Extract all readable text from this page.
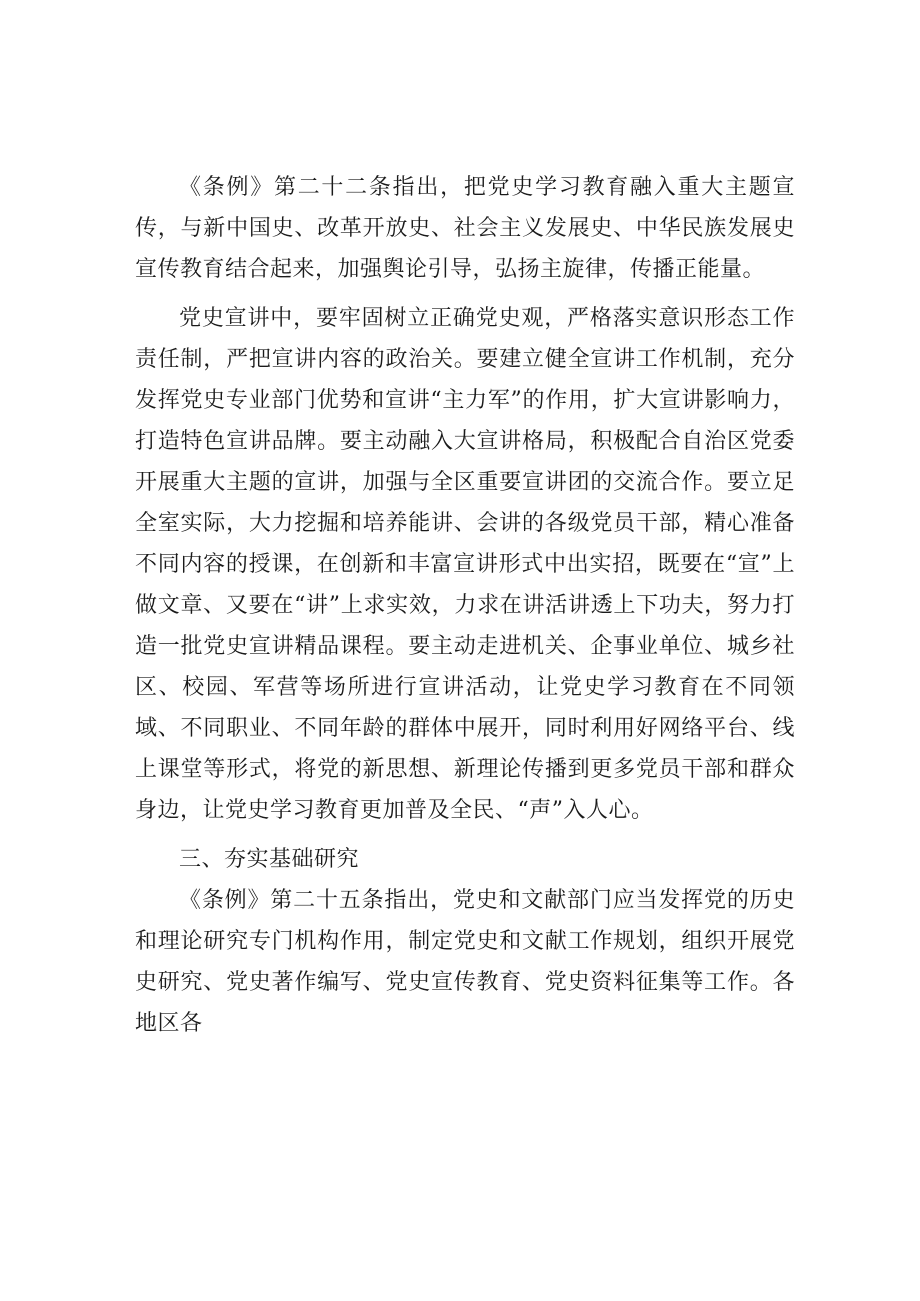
《条例》第二十二条指出，把党史学习教育融入重大主题宣传，与新中国史、改革开放史、社会主义发展史、中华民族发展史宣传教育结合起来，加强舆论引导，弘扬主旋律，传播正能量。

党史宣讲中，要牢固树立正确党史观，严格落实意识形态工作责任制，严把宣讲内容的政治关。要建立健全宣讲工作机制，充分发挥党史专业部门优势和宣讲“主力军”的作用，扩大宣讲影响力，打造特色宣讲品牌。要主动融入大宣讲格局，积极配合自治区党委开展重大主题的宣讲，加强与全区重要宣讲团的交流合作。要立足全室实际，大力挖掘和培养能讲、会讲的各级党员干部，精心准备不同内容的授课，在创新和丰富宣讲形式中出实招，既要在“宣”上做文章、又要在“讲”上求实效，力求在讲活讲透上下功夫，努力打造一批党史宣讲精品课程。要主动走进机关、企事业单位、城乡社区、校园、军营等场所进行宣讲活动，让党史学习教育在不同领域、不同职业、不同年龄的群体中展开，同时利用好网络平台、线上课堂等形式，将党的新思想、新理论传播到更多党员干部和群众身边，让党史学习教育更加普及全民、“声”入人心。

三、夯实基础研究

《条例》第二十五条指出，党史和文献部门应当发挥党的历史和理论研究专门机构作用，制定党史和文献工作规划，组织开展党史研究、党史著作编写、党史宣传教育、党史资料征集等工作。各地区各
